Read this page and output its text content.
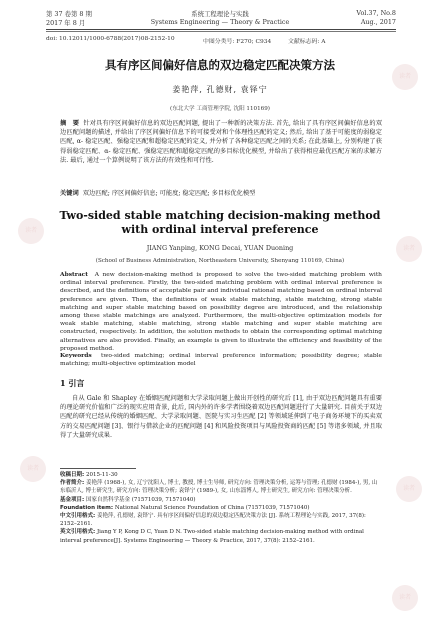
读者
读者
读者
读者
读者
读者
第 37 卷第 8 期	系统工程理论与实践	Vol.37, No.8
2017 年 8 月	Systems Engineering — Theory & Practice	Aug., 2017
doi: 10.12011/1000-6788(2017)08-2152-10	中图分类号: F270; C934	文献标志码: A
具有序区间偏好信息的双边稳定匹配决策方法
姜艳萍, 孔德财, 袁铎宁
(东北大学 工商管理学院, 沈阳 110169)
摘　要 针对具有序区间偏好信息的双边匹配问题, 提出了一种新的决策方法. 首先, 给出了具有序区间偏好信息的双边匹配问题的描述, 并给出了序区间偏好信息下的可接受对和个体理性匹配的定义; 然后, 给出了基于可能度的弱稳定匹配, α- 稳定匹配、强稳定匹配和超稳定匹配的定义, 并分析了各种稳定匹配之间的关系; 在此基础上, 分别构建了获得弱稳定匹配、α- 稳定匹配、强稳定匹配和超稳定匹配的多目标优化模型, 并给出了获得相应最优匹配方案的求解方法. 最后, 通过一个算例说明了该方法的有效性和可行性.
关键词 双边匹配; 序区间偏好信息; 可能度; 稳定匹配; 多目标优化模型
Two-sided stable matching decision-making method with ordinal interval preference
JIANG Yanping, KONG Decai, YUAN Duoning
(School of Business Administration, Northeastern University, Shenyang 110169, China)
Abstract A new decision-making method is proposed to solve the two-sided matching problem with ordinal interval preference. Firstly, the two-sided matching problem with ordinal interval preference is described, and the definitions of acceptable pair and individual rational matching based on ordinal interval preference are given. Then, the definitions of weak stable matching, stable matching, strong stable matching and super stable matching based on possibility degree are introduced, and the relationship among these stable matchings are analyzed. Furthermore, the multi-objective optimization models for weak stable matching, stable matching, strong stable matching and super stable matching are constructed, respectively. In addition, the solution methods to obtain the corresponding optimal matching alternatives are also provided. Finally, an example is given to illustrate the efficiency and feasibility of the proposed method.
Keywords two-sided matching; ordinal interval preference information; possibility degree; stable matching; multi-objective optimization model
1 引言
自从 Gale 和 Shapley 在婚姻匹配问题和大学录取问题上做出开创性的研究后 [1], 由于双边匹配问题具有重要的理论研究价值和广泛的现实应用背景, 此后, 国内外的许多学者围绕着双边匹配问题进行了大量研究. 目前关于双边匹配的研究已经从传统的婚姻匹配、大学录取问题、医院与实习生匹配 [2] 等领域延伸到了电子商务环境下的买卖双方的交易匹配问题 [3]、银行与借款企业的匹配问题 [4] 和风险投资项目与风险投资商的匹配 [5] 等诸多领域, 并且取得了大量研究成果.
收稿日期: 2015-11-30
作者简介: 姜艳萍 (1968-), 女, 辽宁沈阳人, 博士, 教授, 博士生导师, 研究方向: 管理决策分析, 运筹与管理; 孔德财 (1984-), 男, 山东临沂人, 博士研究生, 研究方向: 管理决策分析; 袁铎宁 (1989-), 女, 山东淄博人, 博士研究生, 研究方向: 管理决策分析.
基金项目: 国家自然科学基金 (71571039, 71571040)
Foundation item: National Natural Science Foundation of China (71571039, 71571040)
中文引用格式: 姜艳萍, 孔德财, 袁铎宁. 具有序区间偏好信息的双边稳定匹配决策方法 [J]. 系统工程理论与实践, 2017, 37(8): 2152–2161.
英文引用格式: Jiang Y P, Kong D C, Yuan D N. Two-sided stable matching decision-making method with ordinal interval preference[J]. Systems Engineering — Theory & Practice, 2017, 37(8): 2152–2161.
